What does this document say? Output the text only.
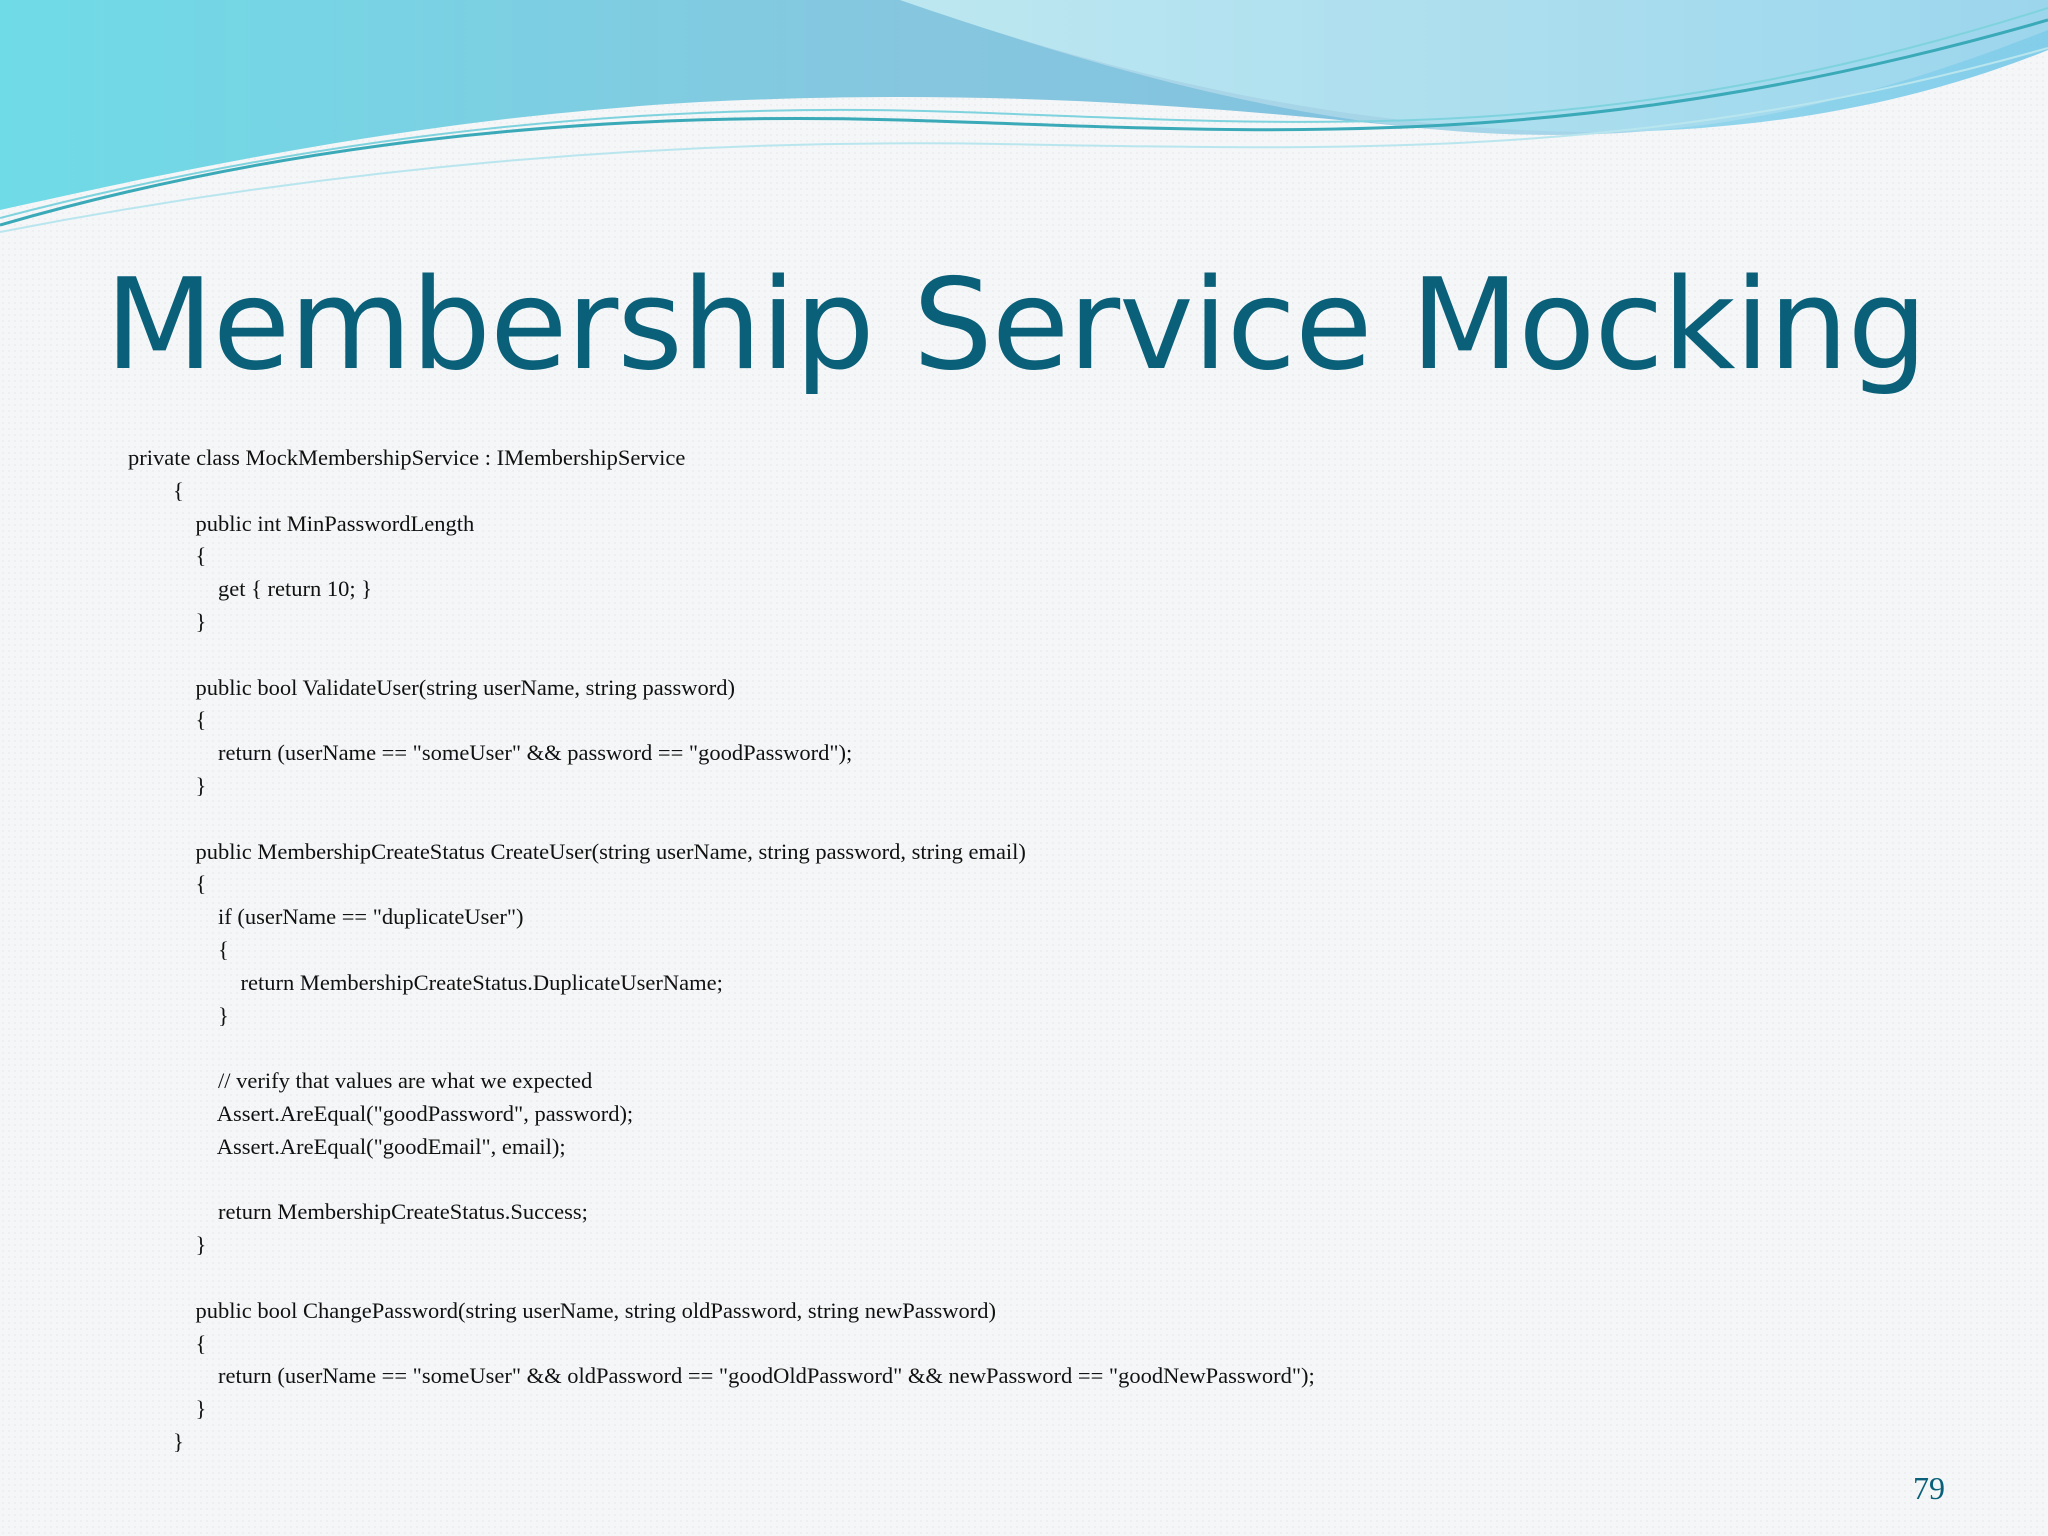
Membership Service Mocking
private class MockMembershipService : IMembershipService
{
public int MinPasswordLength
{
get { return 10; }
}
public bool ValidateUser(string userName, string password)
{
return (userName == "someUser" && password == "goodPassword");
}
public MembershipCreateStatus CreateUser(string userName, string password, string email)
{
if (userName == "duplicateUser")
{
return MembershipCreateStatus.DuplicateUserName;
}
// verify that values are what we expected
Assert.AreEqual("goodPassword", password);
Assert.AreEqual("goodEmail", email);
return MembershipCreateStatus.Success;
}
public bool ChangePassword(string userName, string oldPassword, string newPassword)
{
return (userName == "someUser" && oldPassword == "goodOldPassword" && newPassword == "goodNewPassword");
}
}
79
